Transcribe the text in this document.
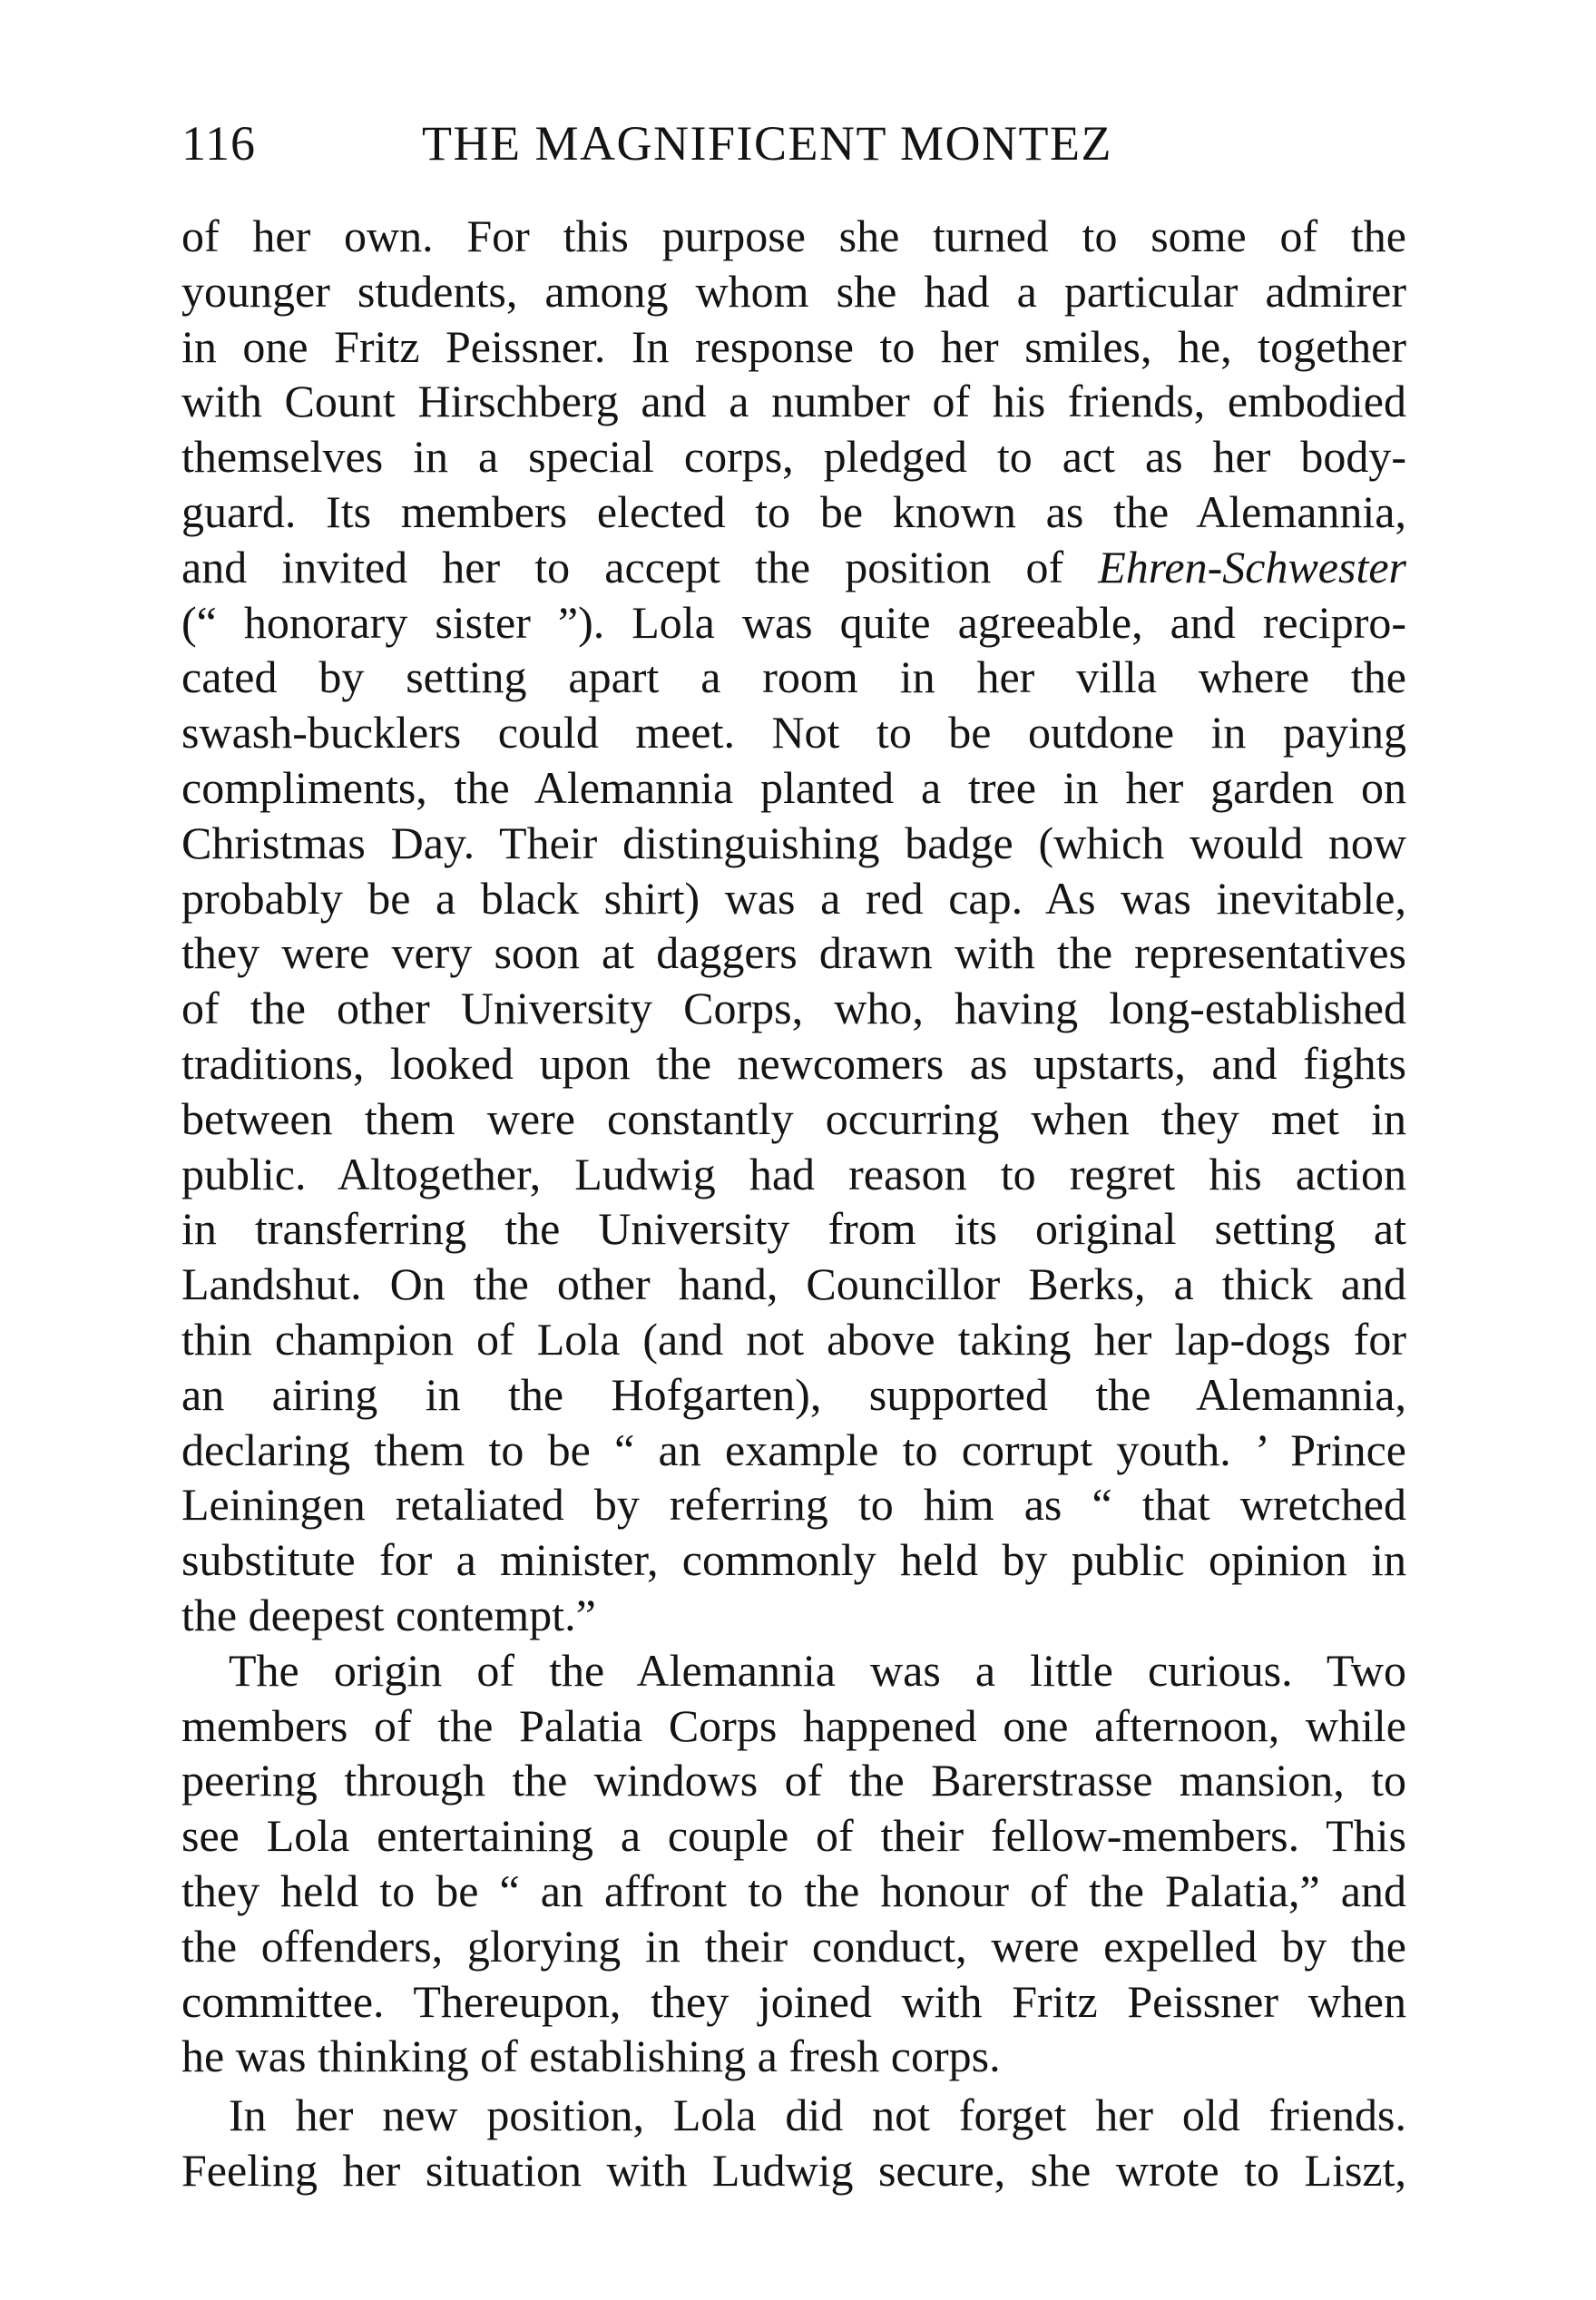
116	THE MAGNIFICENT MONTEZ
of her own. For this purpose she turned to some of the
younger students, among whom she had a particular admirer
in one Fritz Peissner. In response to her smiles, he, together
with Count Hirschberg and a number of his friends, embodied
themselves in a special corps, pledged to act as her body-
guard. Its members elected to be known as the Alemannia,
and invited her to accept the position of Ehren-Schwester
(“ honorary sister ”). Lola was quite agreeable, and recipro-
cated by setting apart a room in her villa where the
swash-bucklers could meet. Not to be outdone in paying
compliments, the Alemannia planted a tree in her garden on
Christmas Day. Their distinguishing badge (which would now
probably be a black shirt) was a red cap. As was inevitable,
they were very soon at daggers drawn with the representatives
of the other University Corps, who, having long-established
traditions, looked upon the newcomers as upstarts, and fights
between them were constantly occurring when they met in
public. Altogether, Ludwig had reason to regret his action
in transferring the University from its original setting at
Landshut. On the other hand, Councillor Berks, a thick and
thin champion of Lola (and not above taking her lap-dogs for
an airing in the Hofgarten), supported the Alemannia,
declaring them to be “ an example to corrupt youth. ’ Prince
Leiningen retaliated by referring to him as “ that wretched
substitute for a minister, commonly held by public opinion in
the deepest contempt.”
The origin of the Alemannia was a little curious. Two
members of the Palatia Corps happened one afternoon, while
peering through the windows of the Barerstrasse mansion, to
see Lola entertaining a couple of their fellow-members. This
they held to be “ an affront to the honour of the Palatia,” and
the offenders, glorying in their conduct, were expelled by the
committee. Thereupon, they joined with Fritz Peissner when
he was thinking of establishing a fresh corps.
In her new position, Lola did not forget her old friends.
Feeling her situation with Ludwig secure, she wrote to Liszt,
